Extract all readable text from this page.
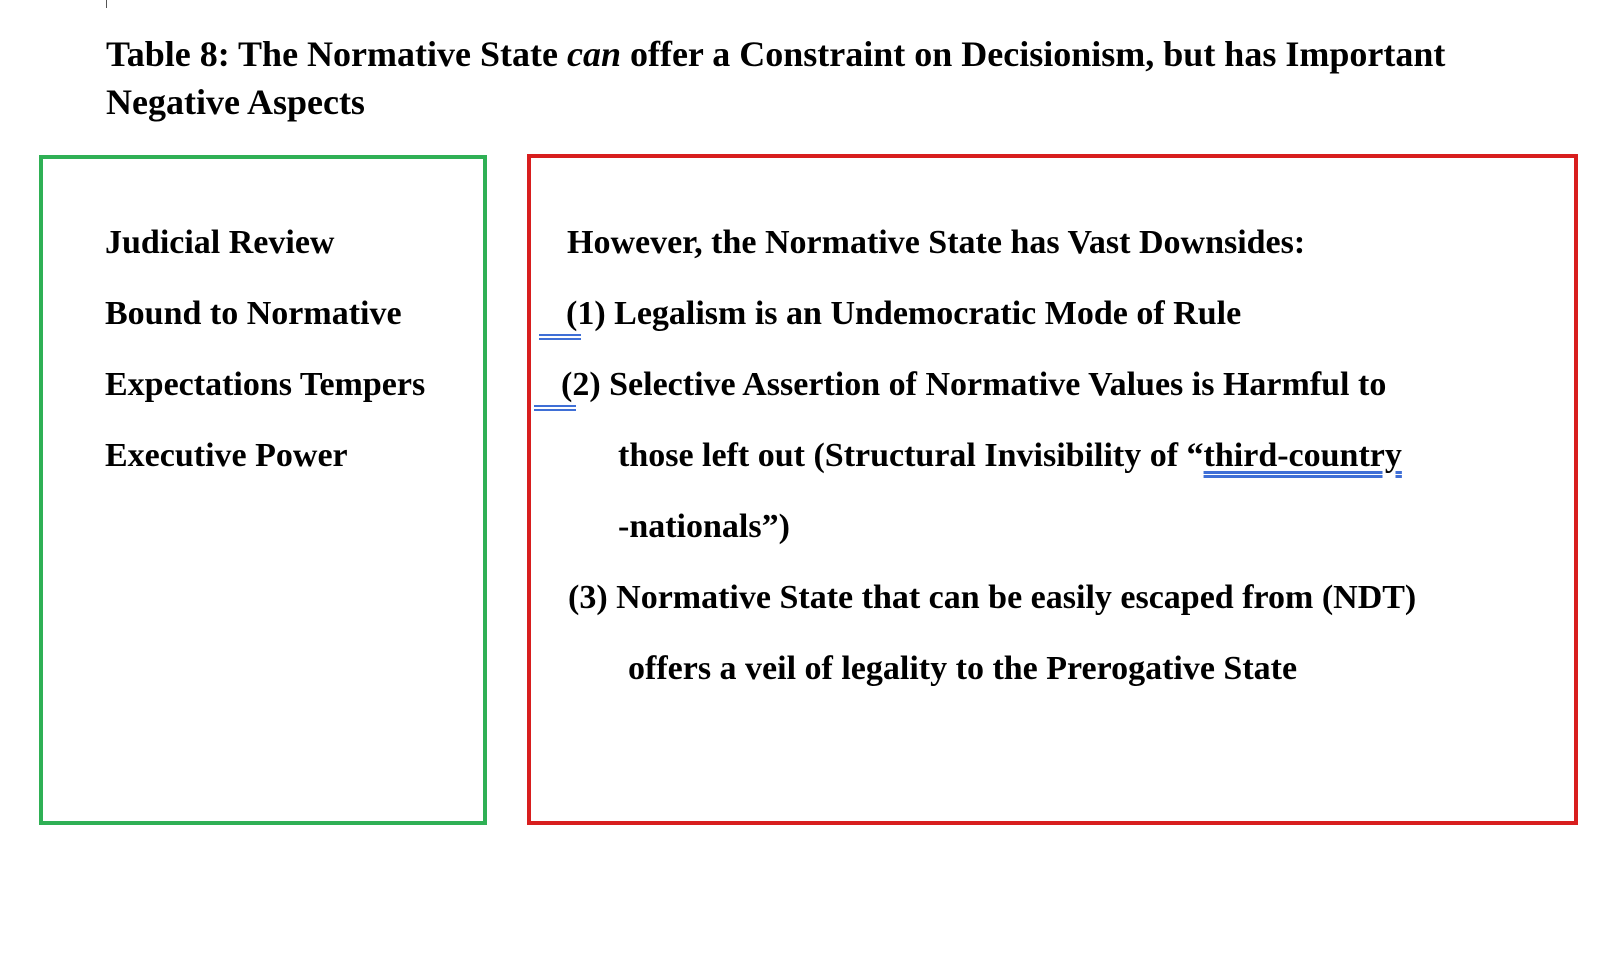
Table 8: The Normative State can offer a Constraint on Decisionism, but has Important Negative Aspects
Judicial Review
Bound to Normative
Expectations Tempers
Executive Power
However, the Normative State has Vast Downsides:
(1) Legalism is an Undemocratic Mode of Rule
(2) Selective Assertion of Normative Values is Harmful to
those left out (Structural Invisibility of “third-country
-nationals”)
(3) Normative State that can be easily escaped from (NDT)
offers a veil of legality to the Prerogative State
